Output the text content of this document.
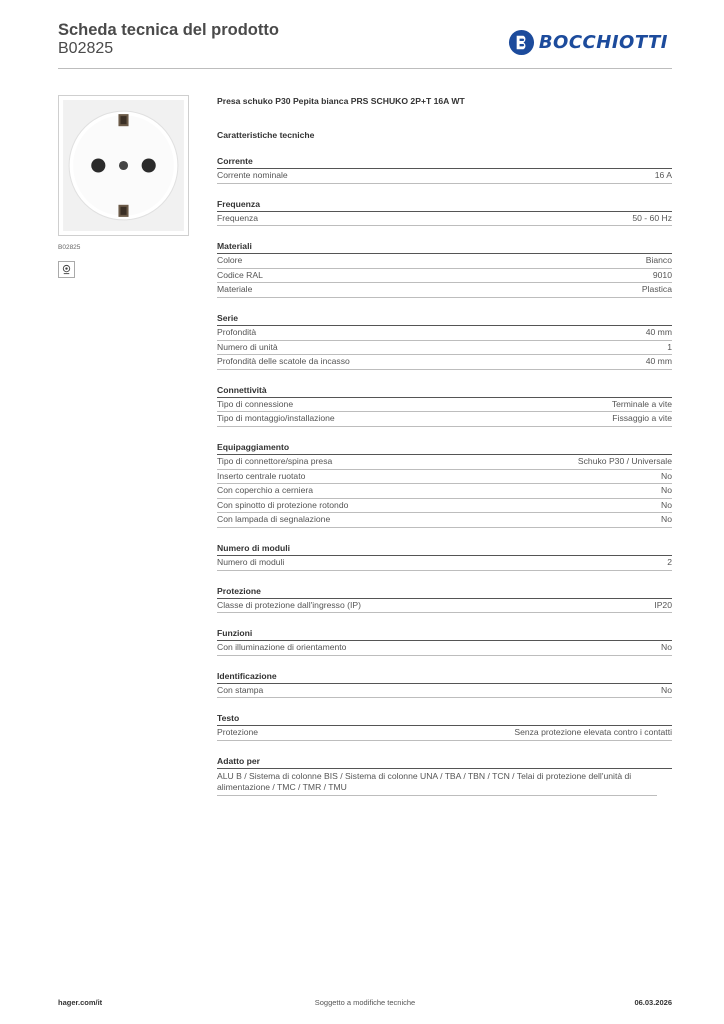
Scheda tecnica del prodotto
B02825	BOCCHIOTTI
B02825
Presa schuko P30 Pepita bianca PRS SCHUKO 2P+T 16A WT
Caratteristiche tecniche
Corrente
Corrente nominale	16 A
Frequenza
Frequenza	50 - 60 Hz
Materiali
Colore	Bianco
Codice RAL	9010
Materiale	Plastica
Serie
Profondità	40 mm
Numero di unità	1
Profondità delle scatole da incasso	40 mm
Connettività
Tipo di connessione	Terminale a vite
Tipo di montaggio/installazione	Fissaggio a vite
Equipaggiamento
Tipo di connettore/spina presa	Schuko P30 / Universale
Inserto centrale ruotato	No
Con coperchio a cerniera	No
Con spinotto di protezione rotondo	No
Con lampada di segnalazione	No
Numero di moduli
Numero di moduli	2
Protezione
Classe di protezione dall'ingresso (IP)	IP20
Funzioni
Con illuminazione di orientamento	No
Identificazione
Con stampa	No
Testo
Protezione	Senza protezione elevata contro i contatti
Adatto per
ALU B / Sistema di colonne BIS / Sistema di colonne UNA / TBA / TBN / TCN / Telai di protezione dell'unità di alimentazione / TMC / TMR / TMU
hager.com/it	Soggetto a modifiche tecniche	06.03.2026
